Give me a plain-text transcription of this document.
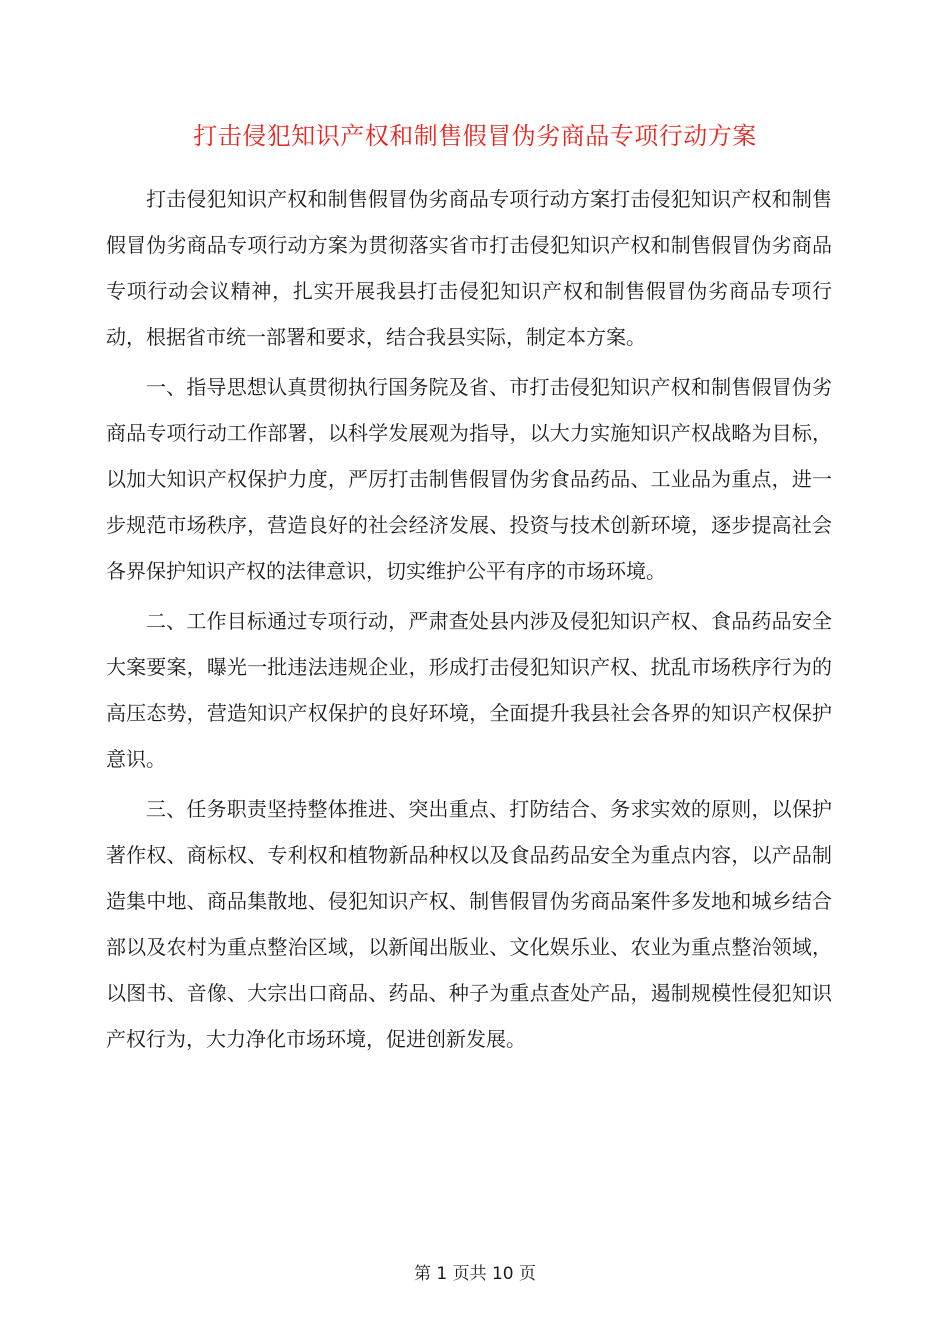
打击侵犯知识产权和制售假冒伪劣商品专项行动方案

打击侵犯知识产权和制售假冒伪劣商品专项行动方案打击侵犯知识产权和制售假冒伪劣商品专项行动方案为贯彻落实省市打击侵犯知识产权和制售假冒伪劣商品专项行动会议精神，扎实开展我县打击侵犯知识产权和制售假冒伪劣商品专项行动，根据省市统一部署和要求，结合我县实际，制定本方案。

一、指导思想认真贯彻执行国务院及省、市打击侵犯知识产权和制售假冒伪劣商品专项行动工作部署，以科学发展观为指导，以大力实施知识产权战略为目标，以加大知识产权保护力度，严厉打击制售假冒伪劣食品药品、工业品为重点，进一步规范市场秩序，营造良好的社会经济发展、投资与技术创新环境，逐步提高社会各界保护知识产权的法律意识，切实维护公平有序的市场环境。

二、工作目标通过专项行动，严肃查处县内涉及侵犯知识产权、食品药品安全大案要案，曝光一批违法违规企业，形成打击侵犯知识产权、扰乱市场秩序行为的高压态势，营造知识产权保护的良好环境，全面提升我县社会各界的知识产权保护意识。

三、任务职责坚持整体推进、突出重点、打防结合、务求实效的原则，以保护著作权、商标权、专利权和植物新品种权以及食品药品安全为重点内容，以产品制造集中地、商品集散地、侵犯知识产权、制售假冒伪劣商品案件多发地和城乡结合部以及农村为重点整治区域，以新闻出版业、文化娱乐业、农业为重点整治领域，以图书、音像、大宗出口商品、药品、种子为重点查处产品，遏制规模性侵犯知识产权行为，大力净化市场环境，促进创新发展。

第 1 页共 10 页
